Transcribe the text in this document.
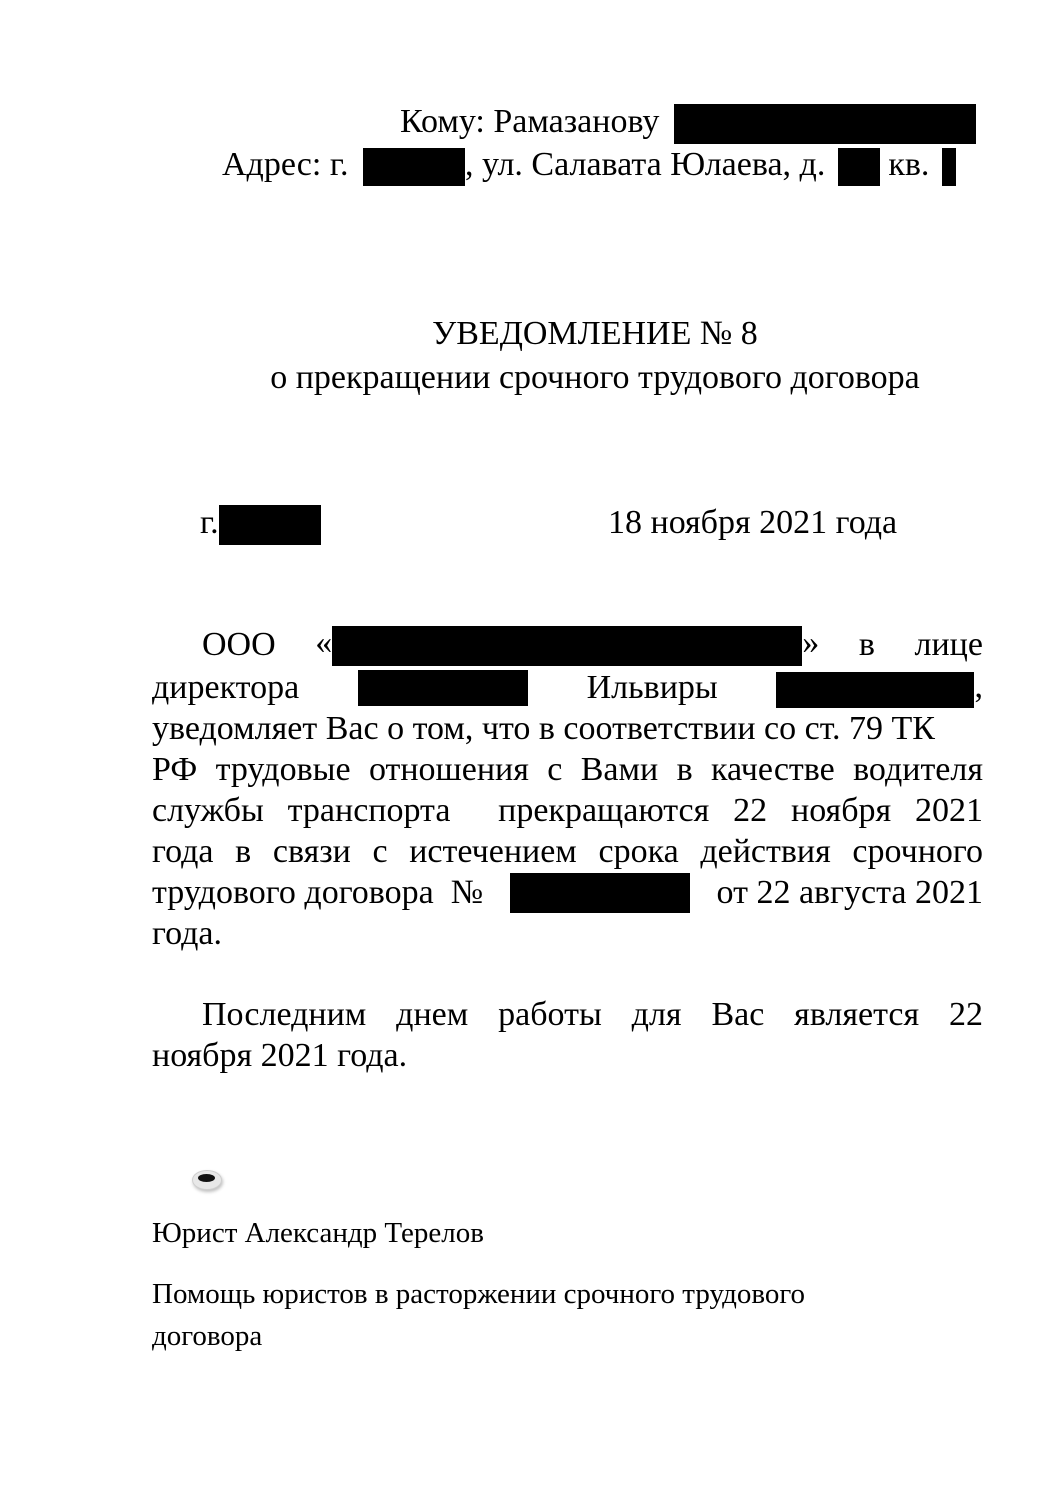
Кому: Рамазанову
Адрес: г.	, ул. Салавата Юлаева, д. кв.
УВЕДОМЛЕНИЕ № 8
о прекращении срочного трудового договора
г.	18 ноября 2021 года
ООО «	» в лице
директора	Ильвиры	,
уведомляет Вас о том, что в соответствии со ст. 79 ТК
РФ трудовые отношения с Вами в качестве водителя
службы транспорта  прекращаются 22 ноября 2021
года в связи с истечением срока действия срочного
трудового договора  №	от 22 августа 2021
года.
Последним днем работы для Вас является 22
ноября 2021 года.
Юрист Александр Терелов
Помощь юристов в расторжении срочного трудового
договора
